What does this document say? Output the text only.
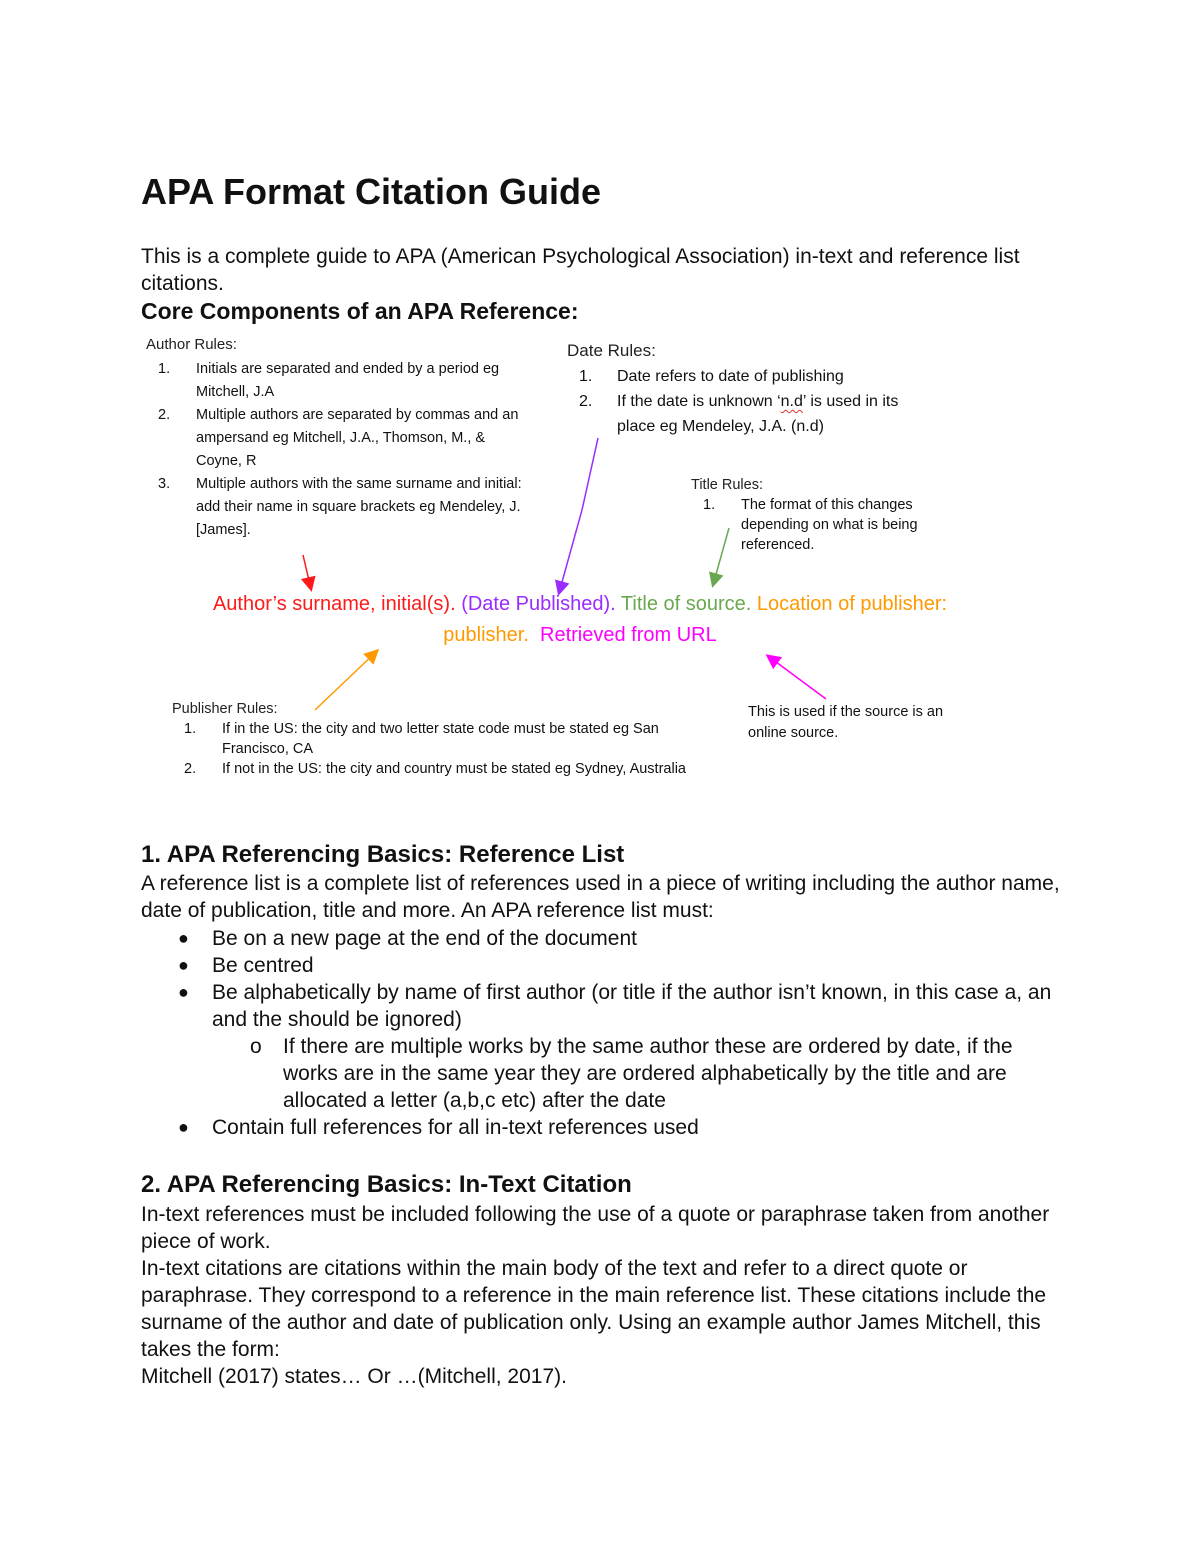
APA Format Citation Guide

This is a complete guide to APA (American Psychological Association) in-text and reference list citations.

Core Components of an APA Reference:
Author Rules:
1. Initials are separated and ended by a period eg Mitchell, J.A
2. Multiple authors are separated by commas and an ampersand eg Mitchell, J.A., Thomson, M., & Coyne, R
3. Multiple authors with the same surname and initial: add their name in square brackets eg Mendeley, J. [James].
Date Rules:
1. Date refers to date of publishing
2. If the date is unknown ‘n.d’ is used in its place eg Mendeley, J.A. (n.d)
Title Rules:
1. The format of this changes depending on what is being referenced.
Author’s surname, initial(s). (Date Published). Title of source. Location of publisher: publisher. Retrieved from URL
Publisher Rules:
1. If in the US: the city and two letter state code must be stated eg San Francisco, CA
2. If not in the US: the city and country must be stated eg Sydney, Australia
This is used if the source is an online source.
1. APA Referencing Basics: Reference List

A reference list is a complete list of references used in a piece of writing including the author name, date of publication, title and more. An APA reference list must:

● Be on a new page at the end of the document
● Be centred
● Be alphabetically by name of first author (or title if the author isn’t known, in this case a, an and the should be ignored)
o If there are multiple works by the same author these are ordered by date, if the works are in the same year they are ordered alphabetically by the title and are allocated a letter (a,b,c etc) after the date
● Contain full references for all in-text references used
2. APA Referencing Basics: In-Text Citation

In-text references must be included following the use of a quote or paraphrase taken from another piece of work.

In-text citations are citations within the main body of the text and refer to a direct quote or paraphrase. They correspond to a reference in the main reference list. These citations include the surname of the author and date of publication only. Using an example author James Mitchell, this takes the form:

Mitchell (2017) states… Or …(Mitchell, 2017).
